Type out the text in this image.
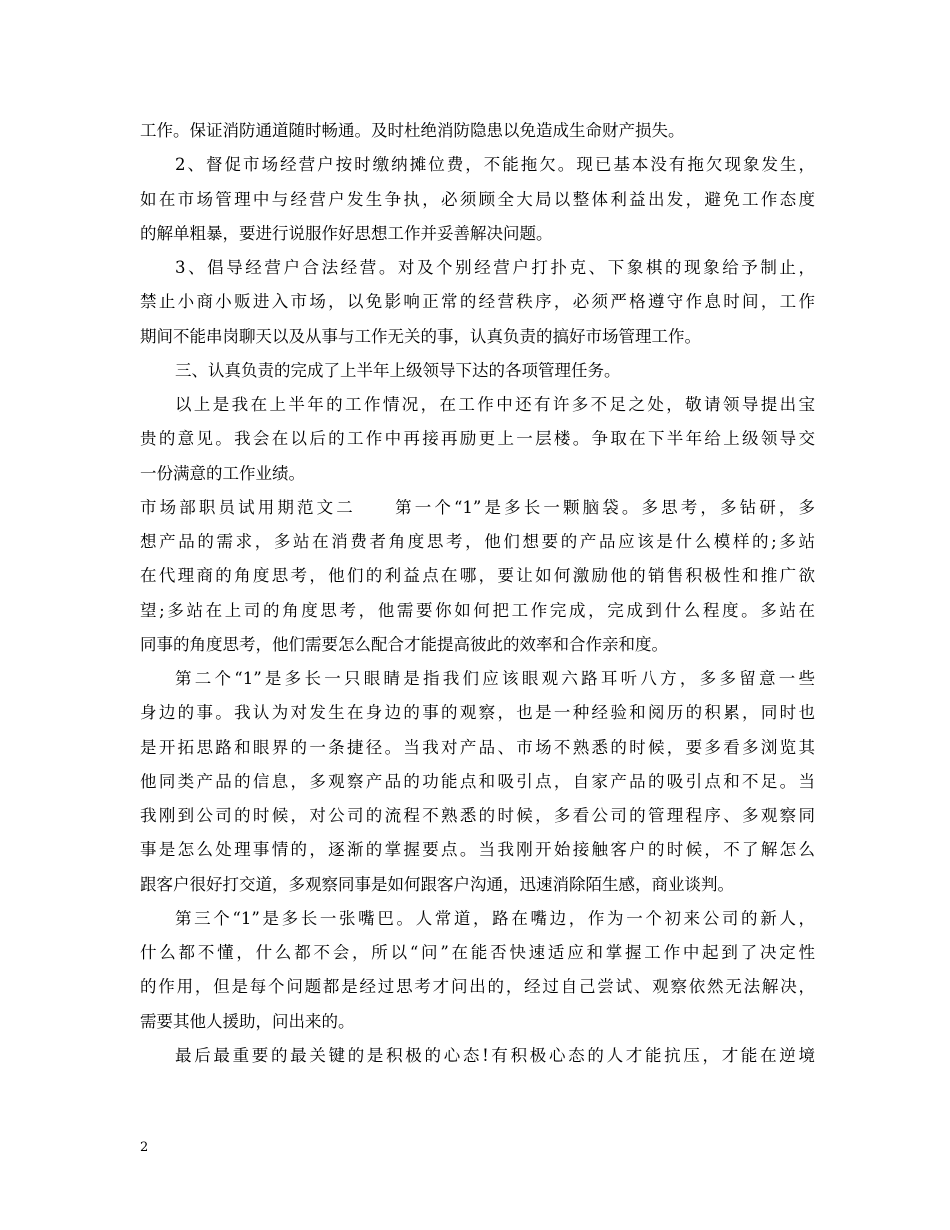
工作。保证消防通道随时畅通。及时杜绝消防隐患以免造成生命财产损失。
2、督促市场经营户按时缴纳摊位费，不能拖欠。现已基本没有拖欠现象发生，
如在市场管理中与经营户发生争执，必须顾全大局以整体利益出发，避免工作态度
的解单粗暴，要进行说服作好思想工作并妥善解决问题。
3、倡导经营户合法经营。对及个别经营户打扑克、下象棋的现象给予制止，
禁止小商小贩进入市场，以免影响正常的经营秩序，必须严格遵守作息时间，工作
期间不能串岗聊天以及从事与工作无关的事，认真负责的搞好市场管理工作。
三、认真负责的完成了上半年上级领导下达的各项管理任务。
以上是我在上半年的工作情况，在工作中还有许多不足之处，敬请领导提出宝
贵的意见。我会在以后的工作中再接再励更上一层楼。争取在下半年给上级领导交
一份满意的工作业绩。
市场部职员试用期范文二　　第一个“1”是多长一颗脑袋。多思考，多钻研，多
想产品的需求，多站在消费者角度思考，他们想要的产品应该是什么模样的;多站
在代理商的角度思考，他们的利益点在哪，要让如何激励他的销售积极性和推广欲
望;多站在上司的角度思考，他需要你如何把工作完成，完成到什么程度。多站在
同事的角度思考，他们需要怎么配合才能提高彼此的效率和合作亲和度。
第二个“1”是多长一只眼睛是指我们应该眼观六路耳听八方，多多留意一些
身边的事。我认为对发生在身边的事的观察，也是一种经验和阅历的积累，同时也
是开拓思路和眼界的一条捷径。当我对产品、市场不熟悉的时候，要多看多浏览其
他同类产品的信息，多观察产品的功能点和吸引点，自家产品的吸引点和不足。当
我刚到公司的时候，对公司的流程不熟悉的时候，多看公司的管理程序、多观察同
事是怎么处理事情的，逐渐的掌握要点。当我刚开始接触客户的时候，不了解怎么
跟客户很好打交道，多观察同事是如何跟客户沟通，迅速消除陌生感，商业谈判。
第三个“1”是多长一张嘴巴。人常道，路在嘴边，作为一个初来公司的新人，
什么都不懂，什么都不会，所以“问”在能否快速适应和掌握工作中起到了决定性
的作用，但是每个问题都是经过思考才问出的，经过自己尝试、观察依然无法解决，
需要其他人援助，问出来的。
最后最重要的最关键的是积极的心态!有积极心态的人才能抗压，才能在逆境
2
